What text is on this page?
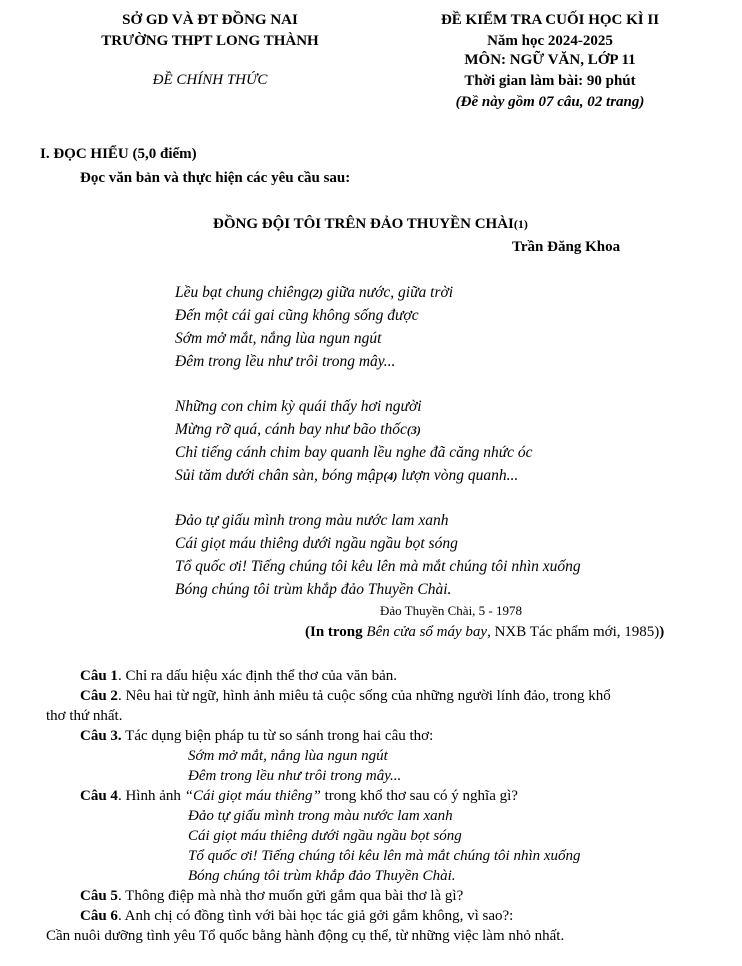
SỞ GD VÀ ĐT ĐỒNG NAI
TRƯỜNG THPT LONG THÀNH
ĐỀ CHÍNH THỨC
ĐỀ KIỂM TRA CUỐI HỌC KÌ II
Năm học 2024-2025
MÔN: NGỮ VĂN, LỚP 11
Thời gian làm bài: 90 phút
(Đề này gồm 07 câu, 02 trang)
I. ĐỌC HIỂU (5,0 điểm)
Đọc văn bản và thực hiện các yêu cầu sau:
ĐỒNG ĐỘI TÔI TRÊN ĐẢO THUYỀN CHÀI(1)
Trần Đăng Khoa
Lều bạt chung chiêng(2) giữa nước, giữa trời
Đến một cái gai cũng không sống được
Sớm mở mắt, nắng lùa ngun ngút
Đêm trong lều như trôi trong mây...
Những con chim kỳ quái thấy hơi người
Mừng rỡ quá, cánh bay như bão thốc(3)
Chỉ tiếng cánh chim bay quanh lều nghe đã căng nhức óc
Sủi tăm dưới chân sàn, bóng mập(4) lượn vòng quanh...
Đảo tự giấu mình trong màu nước lam xanh
Cái giọt máu thiêng dưới ngầu ngầu bọt sóng
Tổ quốc ơi! Tiếng chúng tôi kêu lên mà mắt chúng tôi nhìn xuống
Bóng chúng tôi trùm khắp đảo Thuyền Chài.
Đảo Thuyền Chài, 5 - 1978
(In trong Bên cửa sổ máy bay, NXB Tác phẩm mới, 1985))
Câu 1. Chỉ ra dấu hiệu xác định thể thơ của văn bản.
Câu 2. Nêu hai từ ngữ, hình ảnh miêu tả cuộc sống của những người lính đảo, trong khổ
thơ thứ nhất.
Câu 3. Tác dụng biện pháp tu từ so sánh trong hai câu thơ:
Sớm mở mắt, nắng lùa ngun ngút
Đêm trong lều như trôi trong mây...
Câu 4. Hình ảnh “Cái giọt máu thiêng” trong khổ thơ sau có ý nghĩa gì?
Đảo tự giấu mình trong màu nước lam xanh
Cái giọt máu thiêng dưới ngầu ngầu bọt sóng
Tổ quốc ơi! Tiếng chúng tôi kêu lên mà mắt chúng tôi nhìn xuống
Bóng chúng tôi trùm khắp đảo Thuyền Chài.
Câu 5. Thông điệp mà nhà thơ muốn gửi gắm qua bài thơ là gì?
Câu 6. Anh chị có đồng tình với bài học tác giả gởi gắm không, vì sao?:
Cần nuôi dưỡng tình yêu Tổ quốc bằng hành động cụ thể, từ những việc làm nhỏ nhất.
